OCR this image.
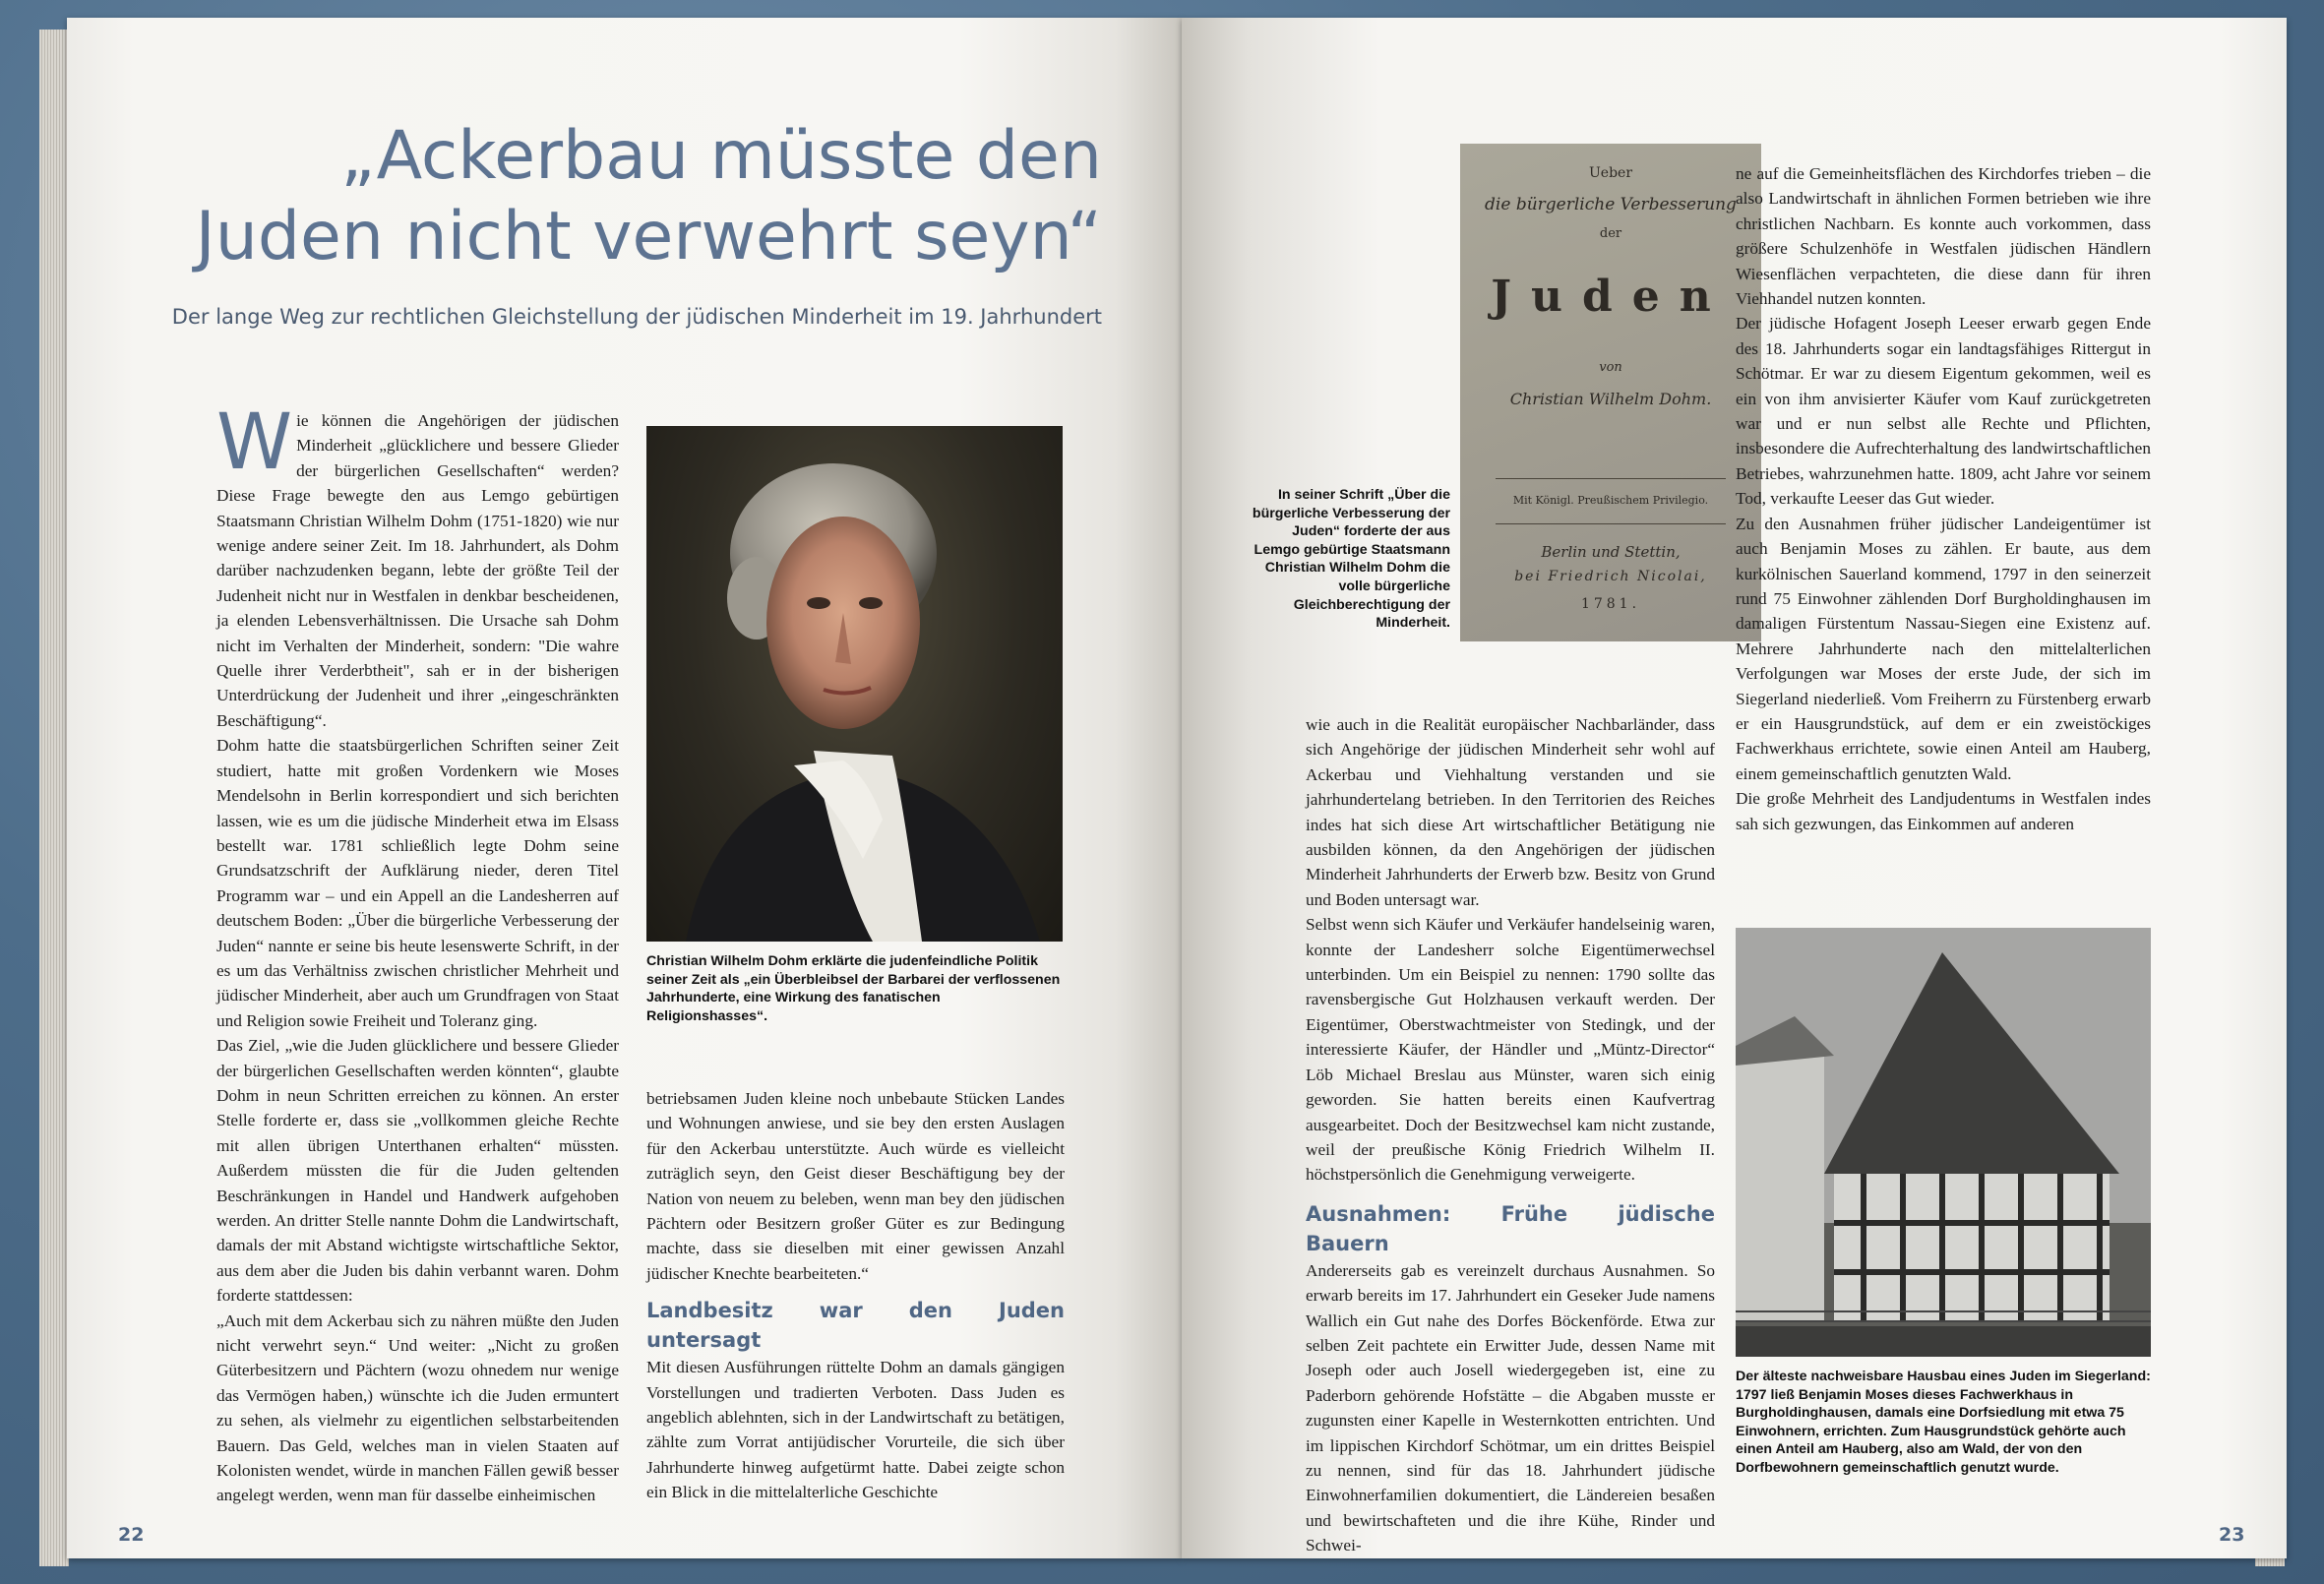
„Ackerbau müsste den
Juden nicht verwehrt seyn“
Der lange Weg zur rechtlichen Gleichstellung der jüdischen Minderheit im 19. Jahrhundert

Wie können die Angehörigen der jüdischen Minderheit „glücklichere und bessere Glieder der bürgerlichen Gesellschaften“ werden? Diese Frage bewegte den aus Lemgo gebürtigen Staatsmann Christian Wilhelm Dohm (1751-1820) wie nur wenige andere seiner Zeit. Im 18. Jahrhundert, als Dohm darüber nachzudenken begann, lebte der größte Teil der Judenheit nicht nur in Westfalen in denkbar bescheidenen, ja elenden Lebensverhältnissen. Die Ursache sah Dohm nicht im Verhalten der Minderheit, sondern: "Die wahre Quelle ihrer Verderbtheit", sah er in der bisherigen Unterdrückung der Judenheit und ihrer „eingeschränkten Beschäftigung“.

Dohm hatte die staatsbürgerlichen Schriften seiner Zeit studiert, hatte mit großen Vordenkern wie Moses Mendelsohn in Berlin korrespondiert und sich berichten lassen, wie es um die jüdische Minderheit etwa im Elsass bestellt war. 1781 schließlich legte Dohm seine Grundsatzschrift der Aufklärung nieder, deren Titel Programm war – und ein Appell an die Landesherren auf deutschem Boden: „Über die bürgerliche Verbesserung der Juden“ nannte er seine bis heute lesenswerte Schrift, in der es um das Verhältniss zwischen christlicher Mehrheit und jüdischer Minderheit, aber auch um Grundfragen von Staat und Religion sowie Freiheit und Toleranz ging.

Das Ziel, „wie die Juden glücklichere und bessere Glieder der bürgerlichen Gesellschaften werden könnten“, glaubte Dohm in neun Schritten erreichen zu können. An erster Stelle forderte er, dass sie „vollkommen gleiche Rechte mit allen übrigen Unterthanen erhalten“ müssten. Außerdem müssten die für die Juden geltenden Beschränkungen in Handel und Handwerk aufgehoben werden. An dritter Stelle nannte Dohm die Landwirtschaft, damals der mit Abstand wichtigste wirtschaftliche Sektor, aus dem aber die Juden bis dahin verbannt waren. Dohm forderte stattdessen:

„Auch mit dem Ackerbau sich zu nähren müßte den Juden nicht verwehrt seyn.“ Und weiter: „Nicht zu großen Güterbesitzern und Pächtern (wozu ohnedem nur wenige das Vermögen haben,) wünschte ich die Juden ermuntert zu sehen, als vielmehr zu eigentlichen selbstarbeitenden Bauern. Das Geld, welches man in vielen Staaten auf Kolonisten wendet, würde in manchen Fällen gewiß besser angelegt werden, wenn man für dasselbe einheimischen

Christian Wilhelm Dohm erklärte die judenfeindliche Politik seiner Zeit als „ein Überbleibsel der Barbarei der verflossenen Jahrhunderte, eine Wirkung des fanatischen Religionshasses“.

betriebsamen Juden kleine noch unbebaute Stücken Landes und Wohnungen anwiese, und sie bey den ersten Auslagen für den Ackerbau unterstützte. Auch würde es vielleicht zuträglich seyn, den Geist dieser Beschäftigung bey der Nation von neuem zu beleben, wenn man bey den jüdischen Pächtern oder Besitzern großer Güter es zur Bedingung machte, dass sie dieselben mit einer gewissen Anzahl jüdischer Knechte bearbeiteten.“

Landbesitz war den Juden untersagt

Mit diesen Ausführungen rüttelte Dohm an damals gängigen Vorstellungen und tradierten Verboten. Dass Juden es angeblich ablehnten, sich in der Landwirtschaft zu betätigen, zählte zum Vorrat antijüdischer Vorurteile, die sich über Jahrhunderte hinweg aufgetürmt hatte. Dabei zeigte schon ein Blick in die mittelalterliche Geschichte

22
In seiner Schrift „Über die bürgerliche Verbesserung der Juden“ forderte der aus Lemgo gebürtige Staatsmann Christian Wilhelm Dohm die volle bürgerliche Gleichberechtigung der Minderheit.
Ueber
die bürgerliche Verbesserung
der
Juden
von
Christian Wilhelm Dohm.
Mit Königl. Preußischem Privilegio.
Berlin und Stettin,
bei Friedrich Nicolai,
1781.

wie auch in die Realität europäischer Nachbarländer, dass sich Angehörige der jüdischen Minderheit sehr wohl auf Ackerbau und Viehhaltung verstanden und sie jahrhundertelang betrieben. In den Territorien des Reiches indes hat sich diese Art wirtschaftlicher Betätigung nie ausbilden können, da den Angehörigen der jüdischen Minderheit Jahrhunderts der Erwerb bzw. Besitz von Grund und Boden untersagt war.

Selbst wenn sich Käufer und Verkäufer handelseinig waren, konnte der Landesherr solche Eigentümerwechsel unterbinden. Um ein Beispiel zu nennen: 1790 sollte das ravensbergische Gut Holzhausen verkauft werden. Der Eigentümer, Oberstwachtmeister von Stedingk, und der interessierte Käufer, der Händler und „Müntz-Director“ Löb Michael Breslau aus Münster, waren sich einig geworden. Sie hatten bereits einen Kaufvertrag ausgearbeitet. Doch der Besitzwechsel kam nicht zustande, weil der preußische König Friedrich Wilhelm II. höchstpersönlich die Genehmigung verweigerte.

Ausnahmen: Frühe jüdische Bauern

Andererseits gab es vereinzelt durchaus Ausnahmen. So erwarb bereits im 17. Jahrhundert ein Geseker Jude namens Wallich ein Gut nahe des Dorfes Böckenförde. Etwa zur selben Zeit pachtete ein Erwitter Jude, dessen Name mit Joseph oder auch Josell wiedergegeben ist, eine zu Paderborn gehörende Hofstätte – die Abgaben musste er zugunsten einer Kapelle in Westernkotten entrichten. Und im lippischen Kirchdorf Schötmar, um ein drittes Beispiel zu nennen, sind für das 18. Jahrhundert jüdische Einwohnerfamilien dokumentiert, die Ländereien besaßen und bewirtschafteten und die ihre Kühe, Rinder und Schwei-

ne auf die Gemeinheitsflächen des Kirchdorfes trieben – die also Landwirtschaft in ähnlichen Formen betrieben wie ihre christlichen Nachbarn. Es konnte auch vorkommen, dass größere Schulzenhöfe in Westfalen jüdischen Händlern Wiesenflächen verpachteten, die diese dann für ihren Viehhandel nutzen konnten.

Der jüdische Hofagent Joseph Leeser erwarb gegen Ende des 18. Jahrhunderts sogar ein landtagsfähiges Rittergut in Schötmar. Er war zu diesem Eigentum gekommen, weil es ein von ihm anvisierter Käufer vom Kauf zurückgetreten war und er nun selbst alle Rechte und Pflichten, insbesondere die Aufrechterhaltung des landwirtschaftlichen Betriebes, wahrzunehmen hatte. 1809, acht Jahre vor seinem Tod, verkaufte Leeser das Gut wieder.

Zu den Ausnahmen früher jüdischer Landeigentümer ist auch Benjamin Moses zu zählen. Er baute, aus dem kurkölnischen Sauerland kommend, 1797 in den seinerzeit rund 75 Einwohner zählenden Dorf Burgholdinghausen im damaligen Fürstentum Nassau-Siegen eine Existenz auf. Mehrere Jahrhunderte nach den mittelalterlichen Verfolgungen war Moses der erste Jude, der sich im Siegerland niederließ. Vom Freiherrn zu Fürstenberg erwarb er ein Hausgrundstück, auf dem er ein zweistöckiges Fachwerkhaus errichtete, sowie einen Anteil am Hauberg, einem gemeinschaftlich genutzten Wald.

Die große Mehrheit des Landjudentums in Westfalen indes sah sich gezwungen, das Einkommen auf anderen

Der älteste nachweisbare Hausbau eines Juden im Siegerland: 1797 ließ Benjamin Moses dieses Fachwerkhaus in Burgholdinghausen, damals eine Dorfsiedlung mit etwa 75 Einwohnern, errichten. Zum Hausgrundstück gehörte auch einen Anteil am Hauberg, also am Wald, der von den Dorfbewohnern gemeinschaftlich genutzt wurde.
23
